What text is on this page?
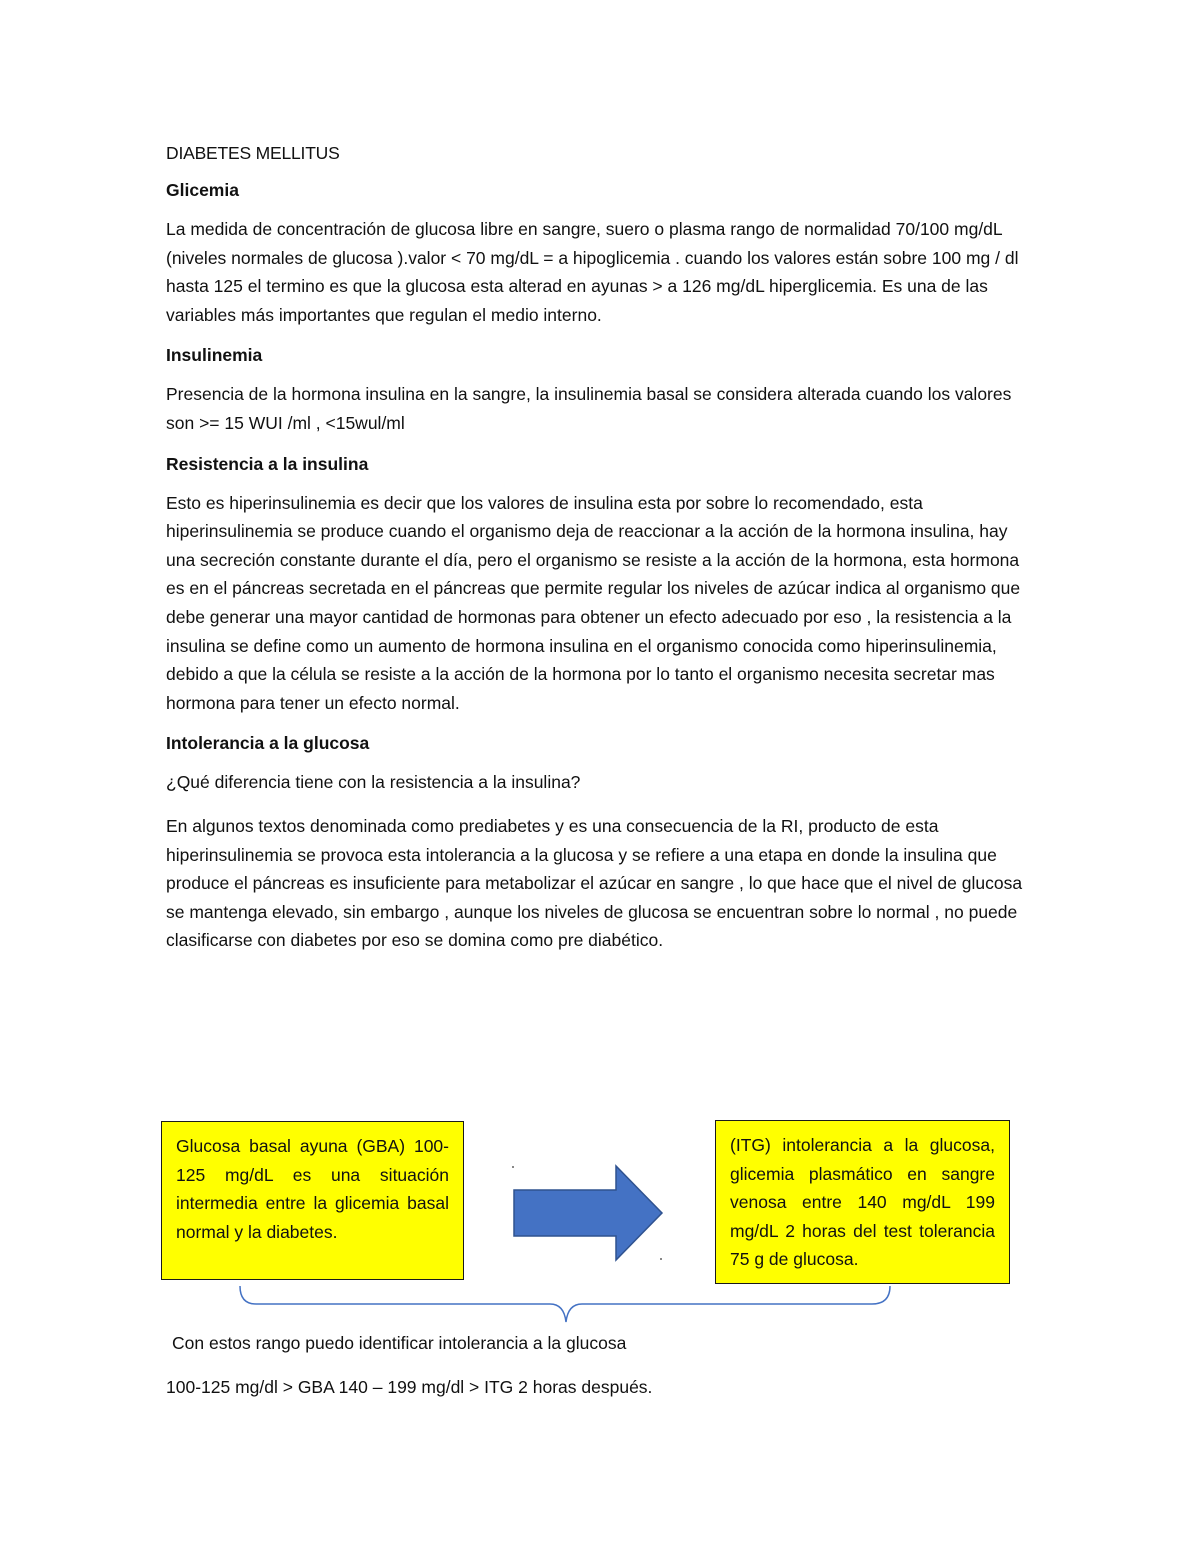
DIABETES MELLITUS
Glicemia

La medida de concentración de glucosa libre en sangre, suero o plasma rango de normalidad 70/100 mg/dL (niveles normales de glucosa ).valor < 70 mg/dL = a hipoglicemia . cuando los valores están sobre 100 mg / dl hasta 125 el termino es que la glucosa esta alterad en ayunas > a 126 mg/dL hiperglicemia. Es una de las variables más importantes que regulan el medio interno.

Insulinemia

Presencia de la hormona insulina en la sangre, la insulinemia basal se considera alterada cuando los valores son >= 15 WUI /ml , <15wul/ml

Resistencia a la insulina

Esto es hiperinsulinemia es decir que los valores de insulina esta por sobre lo recomendado, esta hiperinsulinemia se produce cuando el organismo deja de reaccionar a la acción de la hormona insulina, hay una secreción constante durante el día, pero el organismo se resiste a la acción de la hormona, esta hormona es en el páncreas secretada en el páncreas que permite regular los niveles de azúcar indica al organismo que debe generar una mayor cantidad de hormonas para obtener un efecto adecuado por eso , la resistencia a la insulina se define como un aumento de hormona insulina en el organismo conocida como hiperinsulinemia, debido a que la célula se resiste a la acción de la hormona por lo tanto el organismo necesita secretar mas hormona para tener un efecto normal.

Intolerancia a la glucosa

¿Qué diferencia tiene con la resistencia a la insulina?

En algunos textos denominada como prediabetes y es una consecuencia de la RI, producto de esta hiperinsulinemia se provoca esta intolerancia a la glucosa y se refiere a una etapa en donde la insulina que produce el páncreas es insuficiente para metabolizar el azúcar en sangre , lo que hace que el nivel de glucosa se mantenga elevado, sin embargo , aunque los niveles de glucosa se encuentran sobre lo normal , no puede clasificarse con diabetes por eso se domina como pre diabético.

Glucosa basal ayuna (GBA) 100-125 mg/dL es una situación intermedia entre la glicemia basal normal y la diabetes.
(ITG) intolerancia a la glucosa, glicemia plasmático en sangre venosa entre 140 mg/dL 199 mg/dL 2 horas del test tolerancia 75 g de glucosa.
Con estos rango puedo identificar intolerancia a la glucosa
100-125 mg/dl > GBA 140 – 199 mg/dl > ITG 2 horas después.
